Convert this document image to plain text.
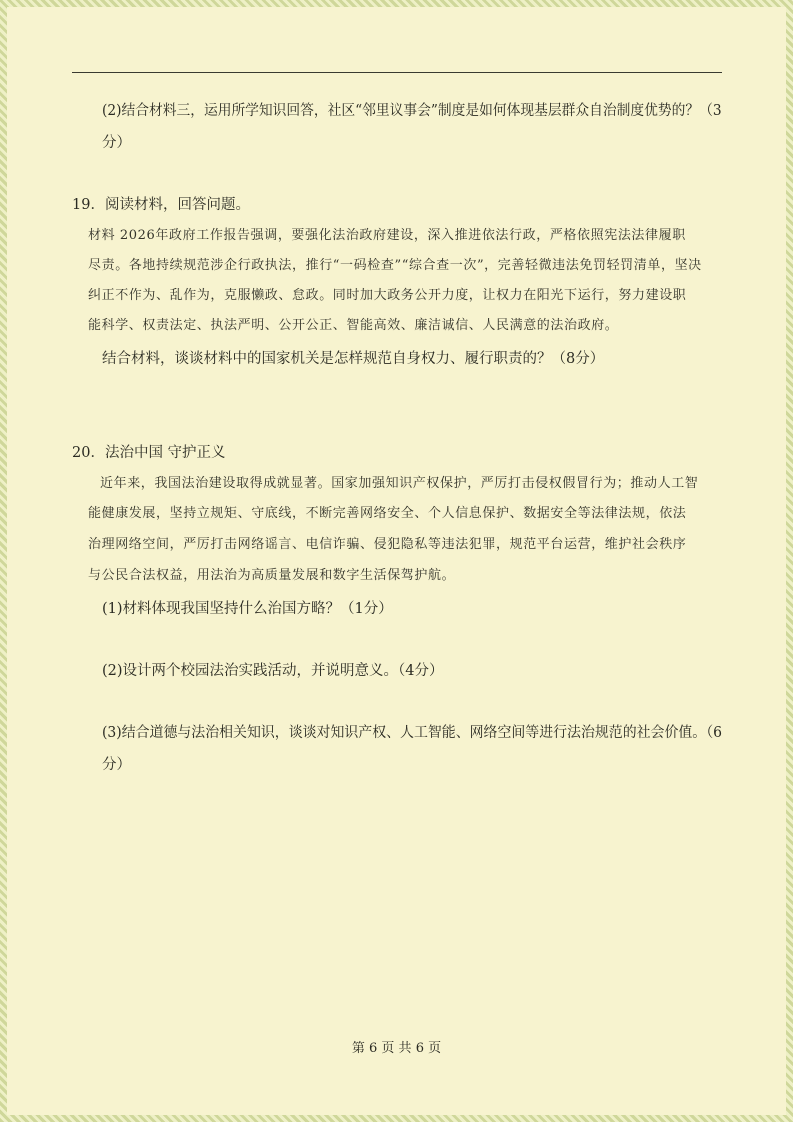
(2)结合材料三，运用所学知识回答，社区“邻里议事会”制度是如何体现基层群众自治制度优势的？（3
分）
19．阅读材料，回答问题。
材料 2026年政府工作报告强调，要强化法治政府建设，深入推进依法行政，严格依照宪法法律履职
尽责。各地持续规范涉企行政执法，推行“一码检查”“综合查一次”，完善轻微违法免罚轻罚清单，坚决
纠正不作为、乱作为，克服懒政、怠政。同时加大政务公开力度，让权力在阳光下运行，努力建设职
能科学、权责法定、执法严明、公开公正、智能高效、廉洁诚信、人民满意的法治政府。
结合材料，谈谈材料中的国家机关是怎样规范自身权力、履行职责的？（8分）
20．法治中国 守护正义
近年来，我国法治建设取得成就显著。国家加强知识产权保护，严厉打击侵权假冒行为；推动人工智
能健康发展，坚持立规矩、守底线，不断完善网络安全、个人信息保护、数据安全等法律法规，依法
治理网络空间，严厉打击网络谣言、电信诈骗、侵犯隐私等违法犯罪，规范平台运营，维护社会秩序
与公民合法权益，用法治为高质量发展和数字生活保驾护航。
(1)材料体现我国坚持什么治国方略？（1分）
(2)设计两个校园法治实践活动，并说明意义。（4分）
(3)结合道德与法治相关知识，谈谈对知识产权、人工智能、网络空间等进行法治规范的社会价值。（6
分）
第 6 页 共 6 页
